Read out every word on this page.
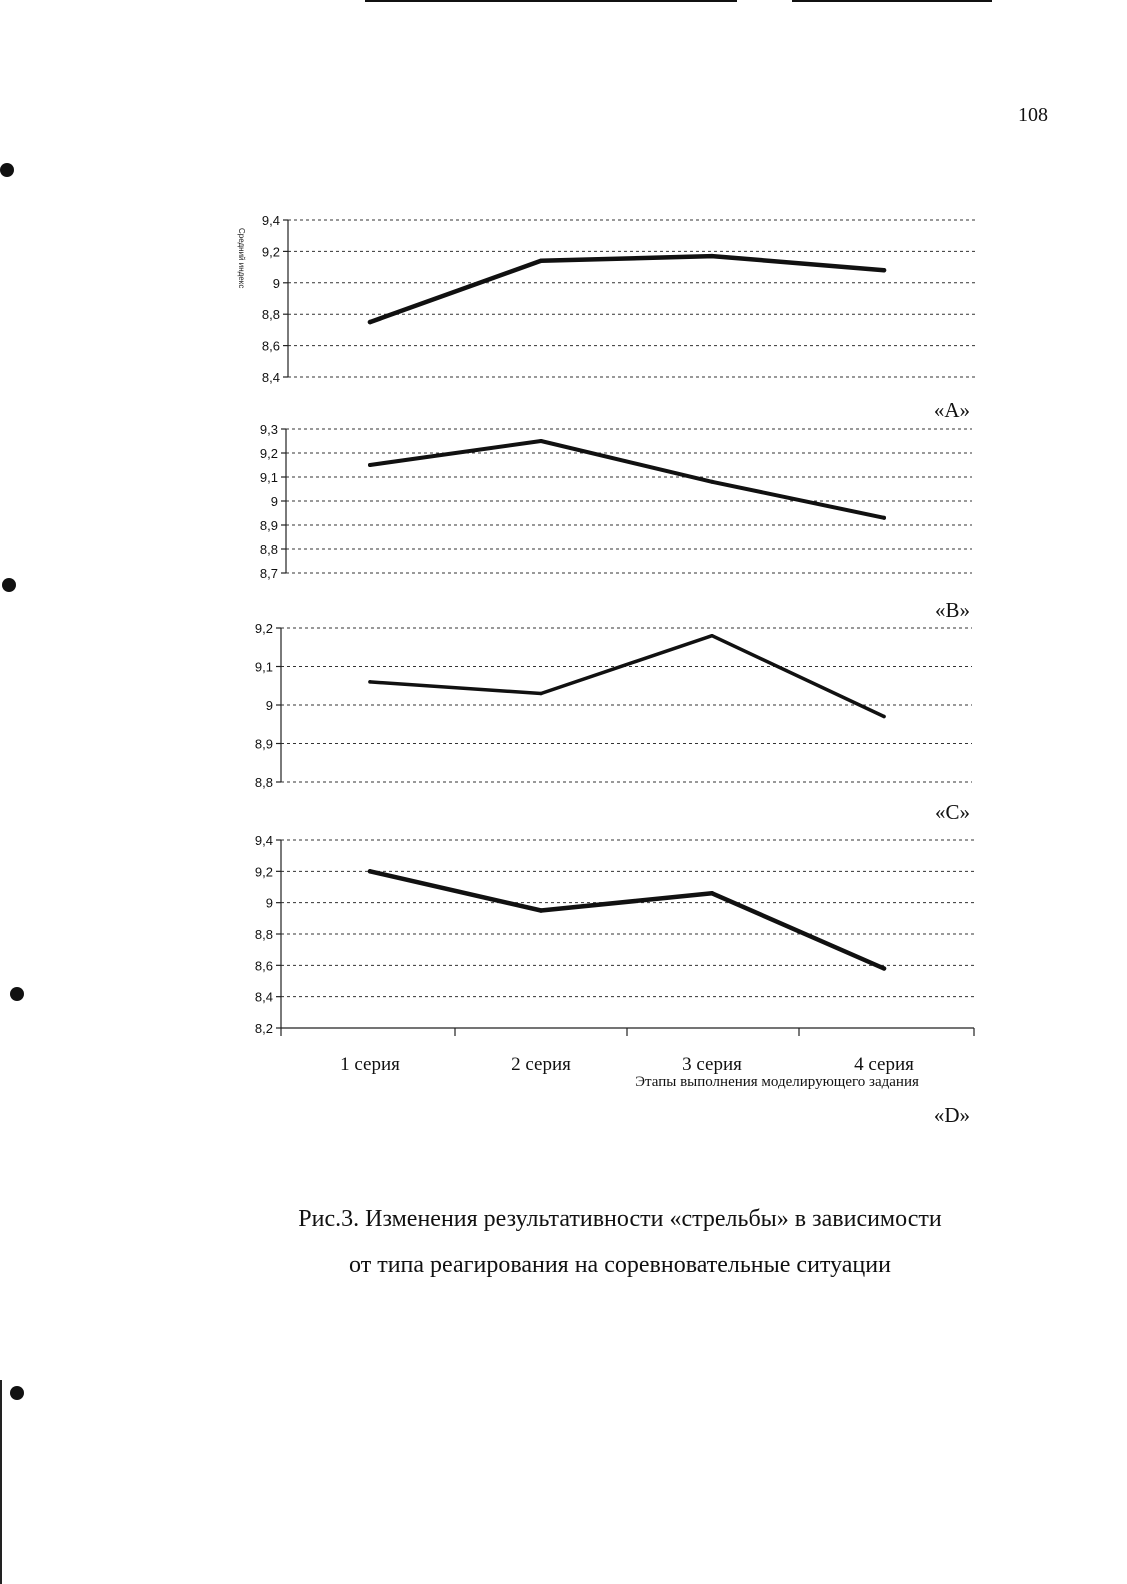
108
Средний индекс
9,4
9,2
9
8,8
8,6
8,4
«A»
9,3
9,2
9,1
9
8,9
8,8
8,7
«B»
9,2
9,1
9
8,9
8,8
«C»
9,4
9,2
9
8,8
8,6
8,4
8,2
1 серия	2 серия	3 серия	4 серия
Этапы выполнения моделирующего задания
«D»
Рис.3. Изменения результативности «стрельбы» в зависимости
от типа реагирования на соревновательные ситуации
